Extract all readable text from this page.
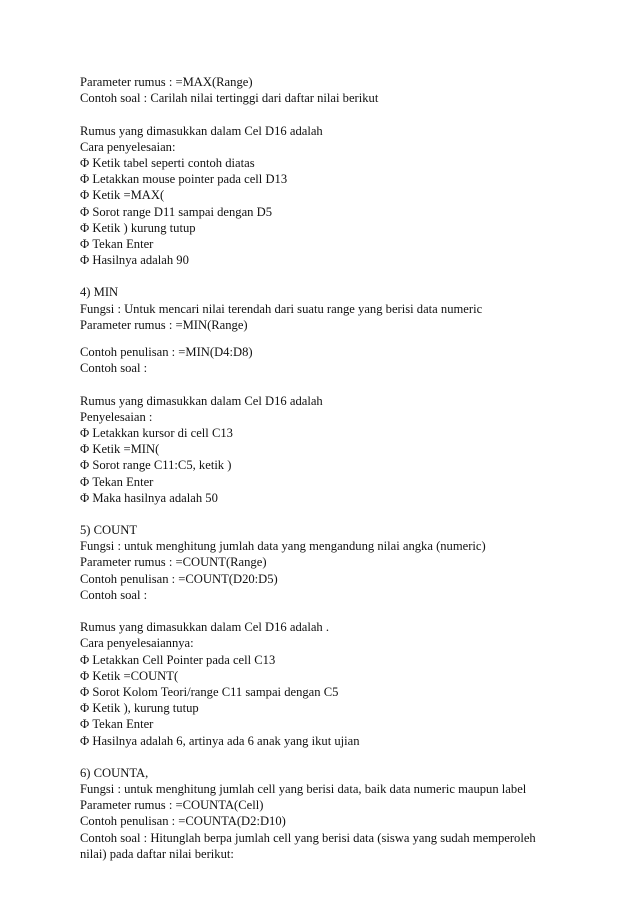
Parameter rumus : =MAX(Range)
Contoh soal : Carilah nilai tertinggi dari daftar nilai berikut
Rumus yang dimasukkan dalam Cel D16 adalah
Cara penyelesaian:
Φ Ketik tabel seperti contoh diatas
Φ Letakkan mouse pointer pada cell D13
Φ Ketik =MAX(
Φ Sorot range D11 sampai dengan D5
Φ Ketik ) kurung tutup
Φ Tekan Enter
Φ Hasilnya adalah 90
4) MIN
Fungsi : Untuk mencari nilai terendah dari suatu range yang berisi data numeric
Parameter rumus : =MIN(Range)
Contoh penulisan : =MIN(D4:D8)
Contoh soal :
Rumus yang dimasukkan dalam Cel D16 adalah
Penyelesaian :
Φ Letakkan kursor di cell C13
Φ Ketik =MIN(
Φ Sorot range C11:C5, ketik )
Φ Tekan Enter
Φ Maka hasilnya adalah 50
5) COUNT
Fungsi : untuk menghitung jumlah data yang mengandung nilai angka (numeric)
Parameter rumus : =COUNT(Range)
Contoh penulisan : =COUNT(D20:D5)
Contoh soal :
Rumus yang dimasukkan dalam Cel D16 adalah .
Cara penyelesaiannya:
Φ Letakkan Cell Pointer pada cell C13
Φ Ketik =COUNT(
Φ Sorot Kolom Teori/range C11 sampai dengan C5
Φ Ketik ), kurung tutup
Φ Tekan Enter
Φ Hasilnya adalah 6, artinya ada 6 anak yang ikut ujian
6) COUNTA,
Fungsi : untuk menghitung jumlah cell yang berisi data, baik data numeric maupun label
Parameter rumus : =COUNTA(Cell)
Contoh penulisan : =COUNTA(D2:D10)
Contoh soal : Hitunglah berpa jumlah cell yang berisi data (siswa yang sudah memperoleh nilai) pada daftar nilai berikut:
